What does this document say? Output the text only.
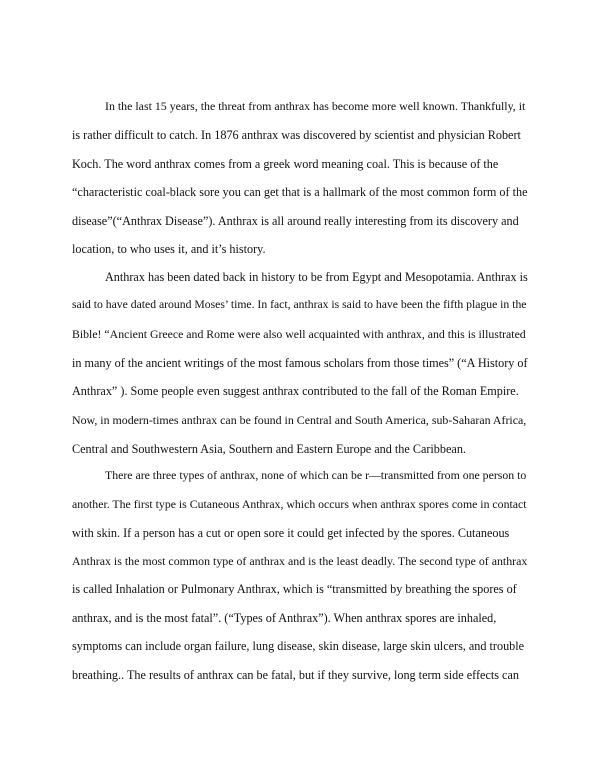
In the last 15 years, the threat from anthrax has become more well known. Thankfully, it
is rather difficult to catch. In 1876 anthrax was discovered by scientist and physician Robert
Koch. The word anthrax comes from a greek word meaning coal. This is because of the
“characteristic coal-black sore you can get that is a hallmark of the most common form of the
disease”(“Anthrax Disease”). Anthrax is all around really interesting from its discovery and
location, to who uses it, and it’s history.
Anthrax has been dated back in history to be from Egypt and Mesopotamia. Anthrax is
said to have dated around Moses’ time. In fact, anthrax is said to have been the fifth plague in the
Bible! “Ancient Greece and Rome were also well acquainted with anthrax, and this is illustrated
in many of the ancient writings of the most famous scholars from those times” (“A History of
Anthrax” ). Some people even suggest anthrax contributed to the fall of the Roman Empire.
Now, in modern-times anthrax can be found in Central and South America, sub-Saharan Africa,
Central and Southwestern Asia, Southern and Eastern Europe and the Caribbean.
There are three types of anthrax, none of which can be r—transmitted from one person to
another. The first type is Cutaneous Anthrax, which occurs when anthrax spores come in contact
with skin. If a person has a cut or open sore it could get infected by the spores. Cutaneous
Anthrax is the most common type of anthrax and is the least deadly. The second type of anthrax
is called Inhalation or Pulmonary Anthrax, which is “transmitted by breathing the spores of
anthrax, and is the most fatal”. (“Types of Anthrax”). When anthrax spores are inhaled,
symptoms can include organ failure, lung disease, skin disease, large skin ulcers, and trouble
breathing.. The results of anthrax can be fatal, but if they survive, long term side effects can
